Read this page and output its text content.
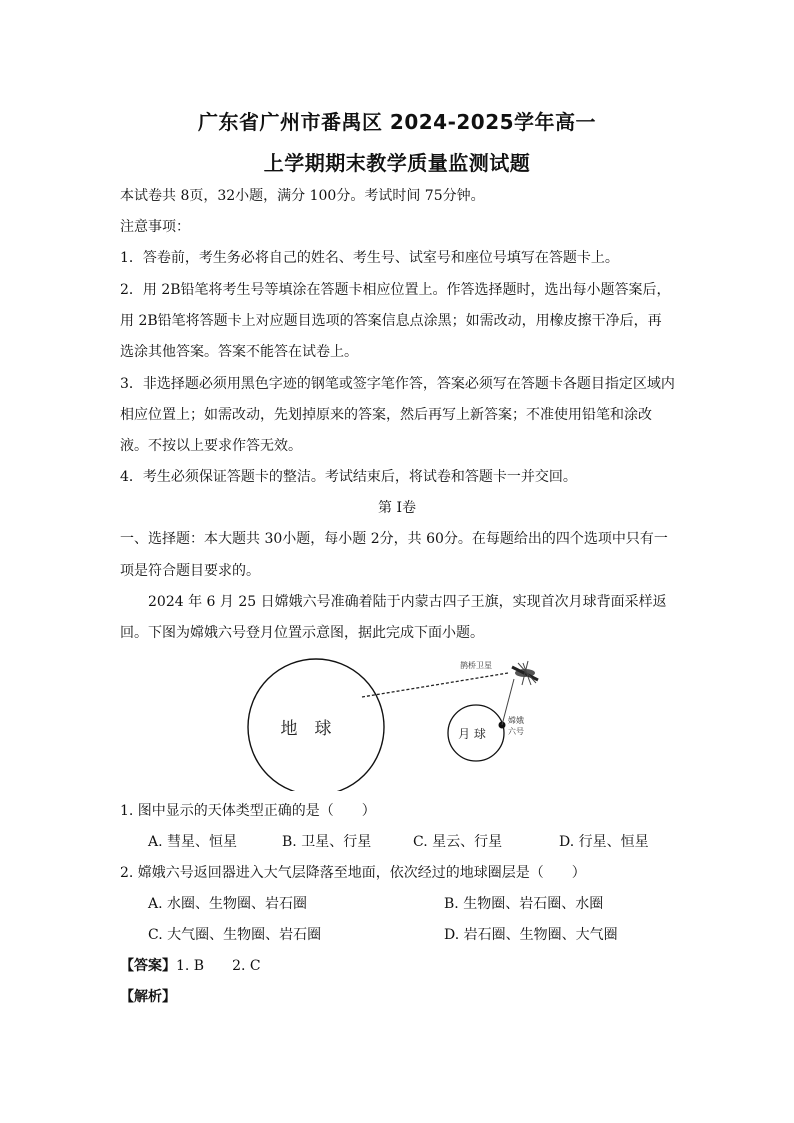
广东省广州市番禺区 2024-2025学年高一
上学期期末教学质量监测试题
本试卷共 8页，32小题，满分 100分。考试时间 75分钟。
注意事项：
1．答卷前，考生务必将自己的姓名、考生号、试室号和座位号填写在答题卡上。
2．用 2B铅笔将考生号等填涂在答题卡相应位置上。作答选择题时，选出每小题答案后，
用 2B铅笔将答题卡上对应题目选项的答案信息点涂黑；如需改动，用橡皮擦干净后，再
选涂其他答案。答案不能答在试卷上。
3．非选择题必须用黑色字迹的钢笔或签字笔作答，答案必须写在答题卡各题目指定区域内
相应位置上；如需改动，先划掉原来的答案，然后再写上新答案；不准使用铅笔和涂改
液。不按以上要求作答无效。
4．考生必须保证答题卡的整洁。考试结束后，将试卷和答题卡一并交回。
第 I卷
一、选择题：本大题共 30小题，每小题 2分，共 60分。在每题给出的四个选项中只有一
项是符合题目要求的。
2024 年 6 月 25 日嫦娥六号准确着陆于内蒙古四子王旗，实现首次月球背面采样返
回。下图为嫦娥六号登月位置示意图，据此完成下面小题。
地　球	月 球
鹊桥卫星
嫦娥
六号
1. 图中显示的天体类型正确的是（　　）
A. 彗星、恒星	B. 卫星、行星	C. 星云、行星	D. 行星、恒星
2. 嫦娥六号返回器进入大气层降落至地面，依次经过的地球圈层是（　　）
A. 水圈、生物圈、岩石圈	B. 生物圈、岩石圈、水圈
C. 大气圈、生物圈、岩石圈	D. 岩石圈、生物圈、大气圈
【答案】1. B　　2. C
【解析】
